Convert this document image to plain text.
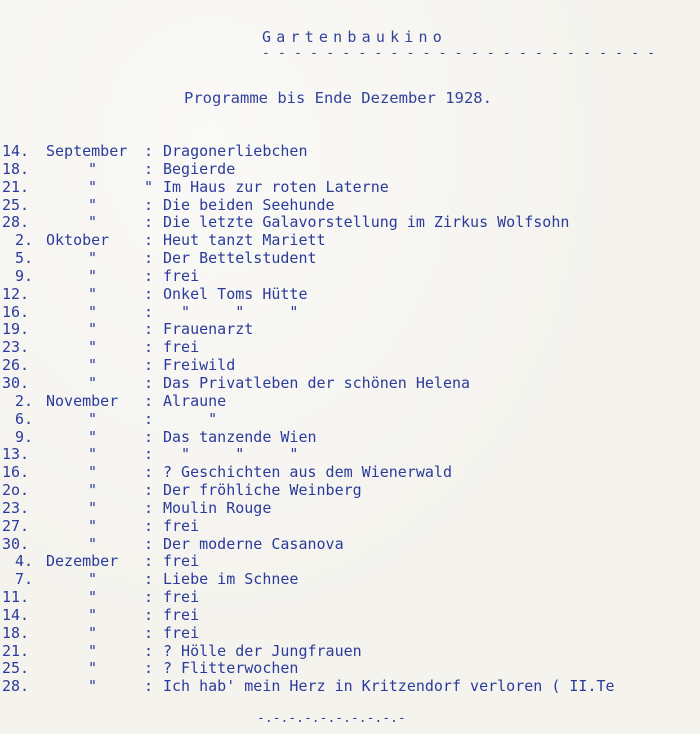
Gartenbaukino
- - - - - - - - - - - - - - - - - - - - - - - - -
Programme bis Ende Dezember 1928.
14.	September : Dragonerliebchen
18.	"	: Begierde
21.	"	" Im Haus zur roten Laterne
25.	"	: Die beiden Seehunde
28.	"	: Die letzte Galavorstellung im Zirkus Wolfsohn
2. Oktober : Heut tanzt Mariett
5.	"	: Der Bettelstudent
9.	"	: frei
12.	"	: Onkel Toms Hütte
16.	"	: "     "     "
19.	"	: Frauenarzt
23.	"	: frei
26.	"	: Freiwild
30.	"	: Das Privatleben der schönen Helena
2. November : Alraune
6.	"	: "
9.	"	: Das tanzende Wien
13.	"	: "     "     "
16.	"	: ? Geschichten aus dem Wienerwald
2o.	"	: Der fröhliche Weinberg
23.	"	: Moulin Rouge
27.	"	: frei
30.	"	: Der moderne Casanova
4. Dezember : frei
7.	"	: Liebe im Schnee
11.	"	: frei
14.	"	: frei
18.	"	: frei
21.	"	: ? Hölle der Jungfrauen
25.	"	: ? Flitterwochen
28.	"	: Ich hab' mein Herz in Kritzendorf verloren ( II.Te
-.-.-.-.-.-.-.-.-.-
